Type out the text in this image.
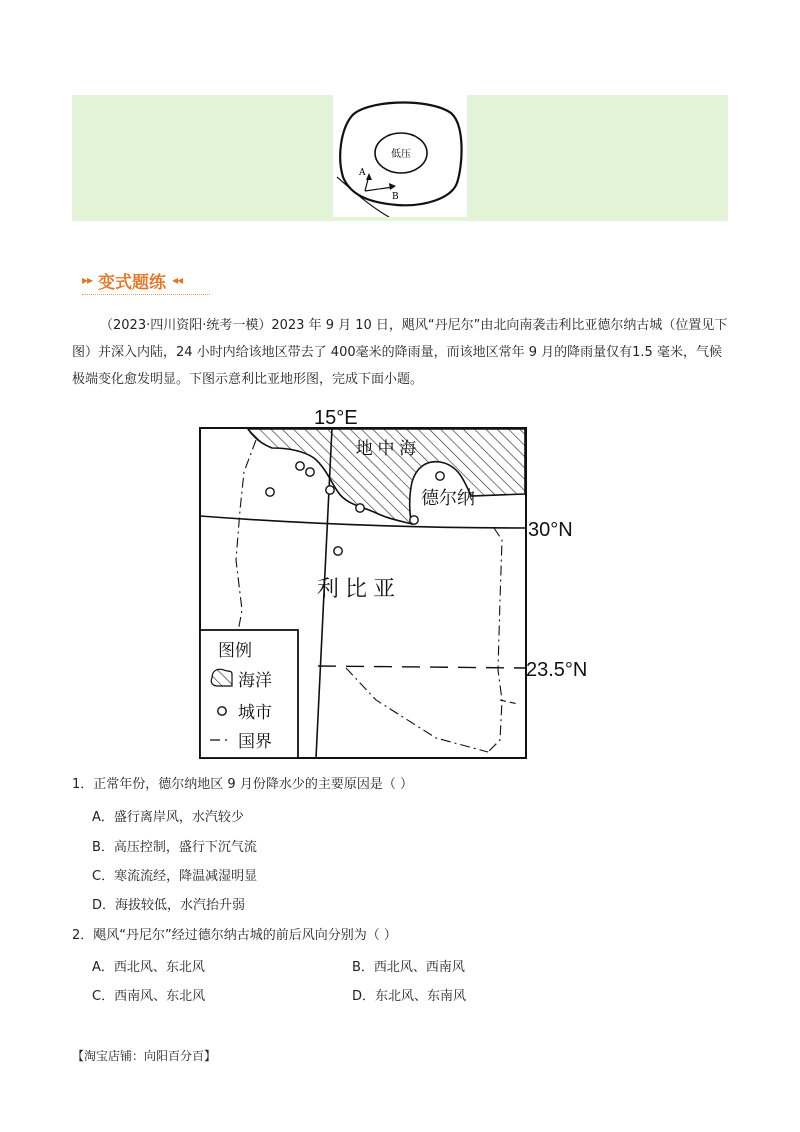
低压
A
B
▸▸ 变式题练 ◂◂

（2023·四川资阳·统考一模）2023 年 9 月 10 日，飓风“丹尼尔”由北向南袭击利比亚德尔纳古城（位置见下图）并深入内陆，24 小时内给该地区带去了 400毫米的降雨量，而该地区常年 9 月的降雨量仅有1.5 毫米，气候极端变化愈发明显。下图示意利比亚地形图，完成下面小题。

地 中 海
德尔纳
30°N
15°E
23.5°N
利 比 亚
图例
海洋
城市
国界
1．正常年份，德尔纳地区 9 月份降水少的主要原因是（ ）
A．盛行离岸风，水汽较少
B．高压控制，盛行下沉气流
C．寒流流经，降温减湿明显
D．海拔较低，水汽抬升弱
2．飓风“丹尼尔”经过德尔纳古城的前后风向分别为（ ）
A．西北风、东北风	B．西北风、西南风
C．西南风、东北风	D．东北风、东南风
【淘宝店铺：向阳百分百】
